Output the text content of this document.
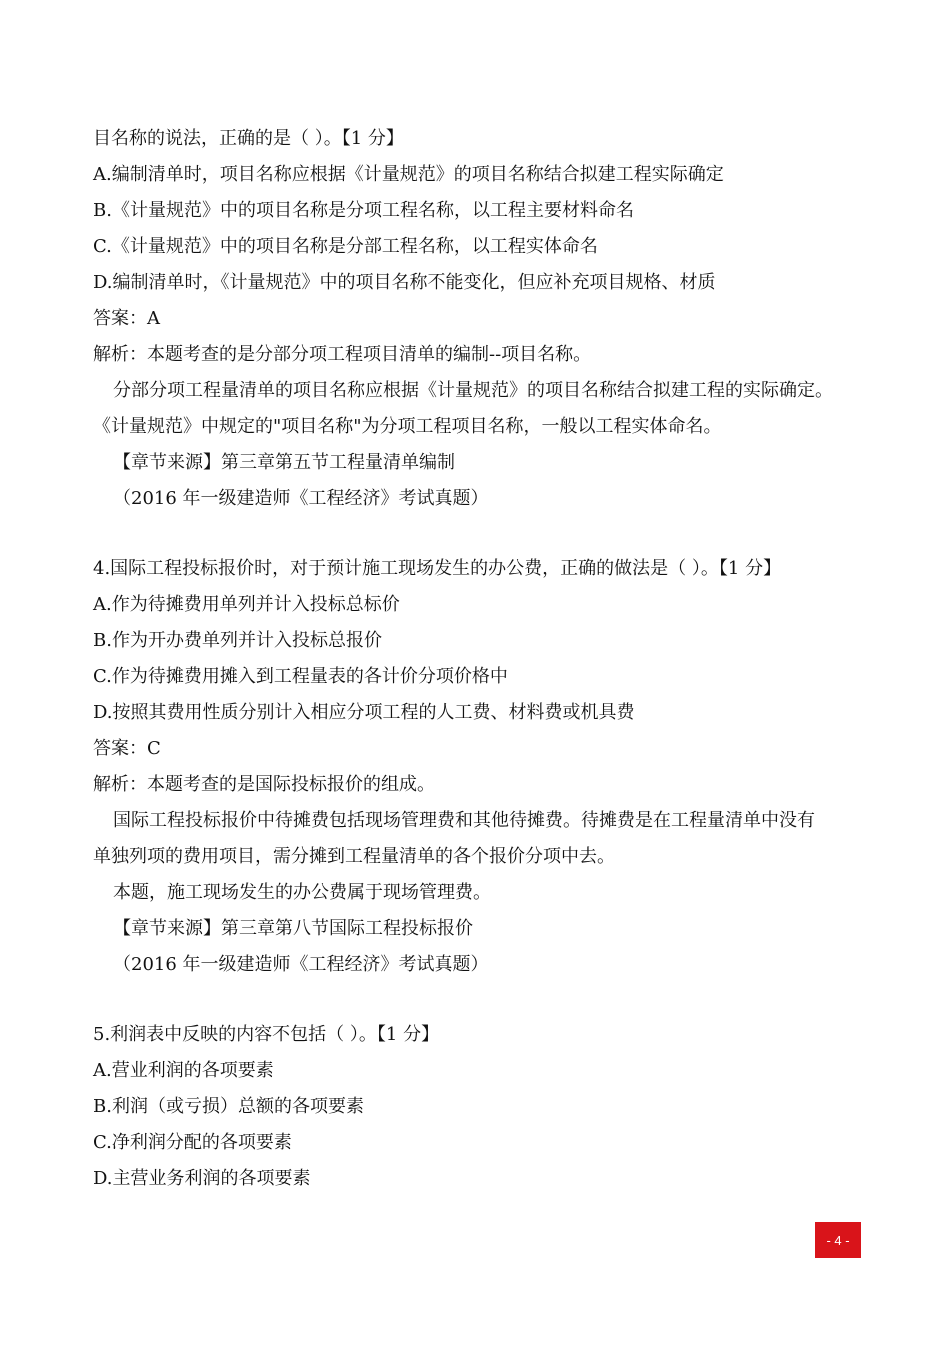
目名称的说法，正确的是（ ）。【1 分】
A.编制清单时，项目名称应根据《计量规范》的项目名称结合拟建工程实际确定
B.《计量规范》中的项目名称是分项工程名称，以工程主要材料命名
C.《计量规范》中的项目名称是分部工程名称，以工程实体命名
D.编制清单时，《计量规范》中的项目名称不能变化，但应补充项目规格、材质
答案：A
解析：本题考查的是分部分项工程项目清单的编制--项目名称。
分部分项工程量清单的项目名称应根据《计量规范》的项目名称结合拟建工程的实际确定。
《计量规范》中规定的"项目名称"为分项工程项目名称，一般以工程实体命名。
【章节来源】第三章第五节工程量清单编制
（2016 年一级建造师《工程经济》考试真题）
4.国际工程投标报价时，对于预计施工现场发生的办公费，正确的做法是（ ）。【1 分】
A.作为待摊费用单列并计入投标总标价
B.作为开办费单列并计入投标总报价
C.作为待摊费用摊入到工程量表的各计价分项价格中
D.按照其费用性质分别计入相应分项工程的人工费、材料费或机具费
答案：C
解析：本题考查的是国际投标报价的组成。
国际工程投标报价中待摊费包括现场管理费和其他待摊费。待摊费是在工程量清单中没有
单独列项的费用项目，需分摊到工程量清单的各个报价分项中去。
本题，施工现场发生的办公费属于现场管理费。
【章节来源】第三章第八节国际工程投标报价
（2016 年一级建造师《工程经济》考试真题）
5.利润表中反映的内容不包括（ ）。【1 分】
A.营业利润的各项要素
B.利润（或亏损）总额的各项要素
C.净利润分配的各项要素
D.主营业务利润的各项要素
- 4 -
